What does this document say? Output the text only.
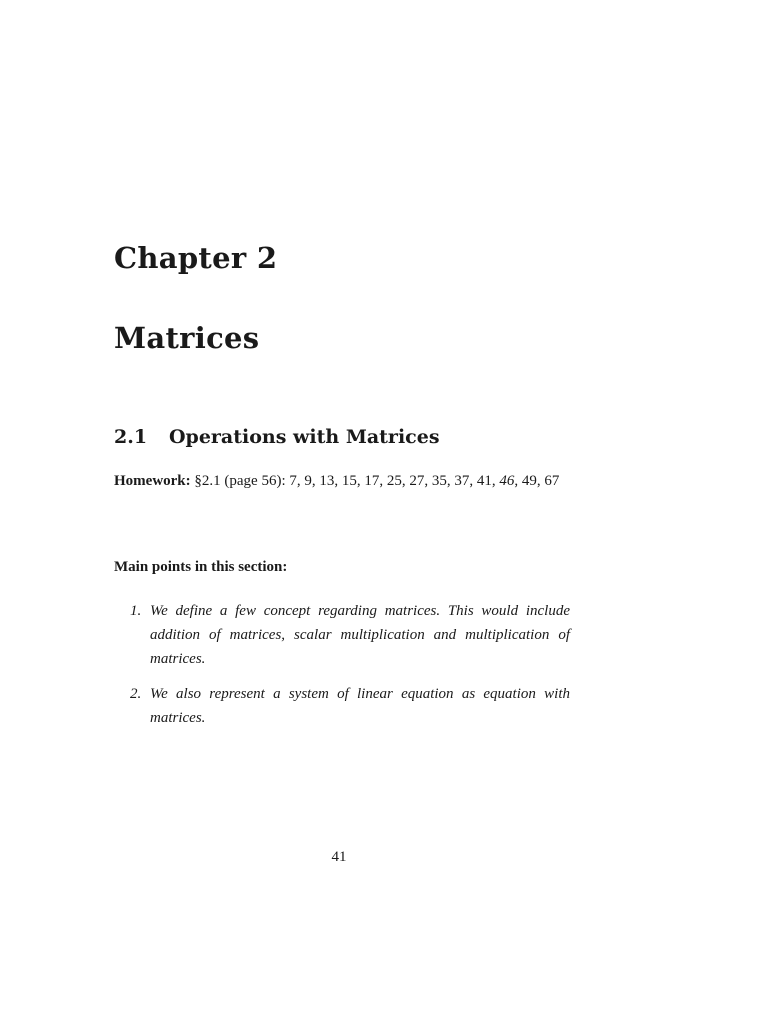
Chapter 2
Matrices
2.1 Operations with Matrices

Homework: §2.1 (page 56): 7, 9, 13, 15, 17, 25, 27, 35, 37, 41, 46, 49, 67

Main points in this section:

1. We define a few concept regarding matrices. This would include addition of matrices, scalar multiplication and multiplication of matrices.
2. We also represent a system of linear equation as equation with matrices.

41
